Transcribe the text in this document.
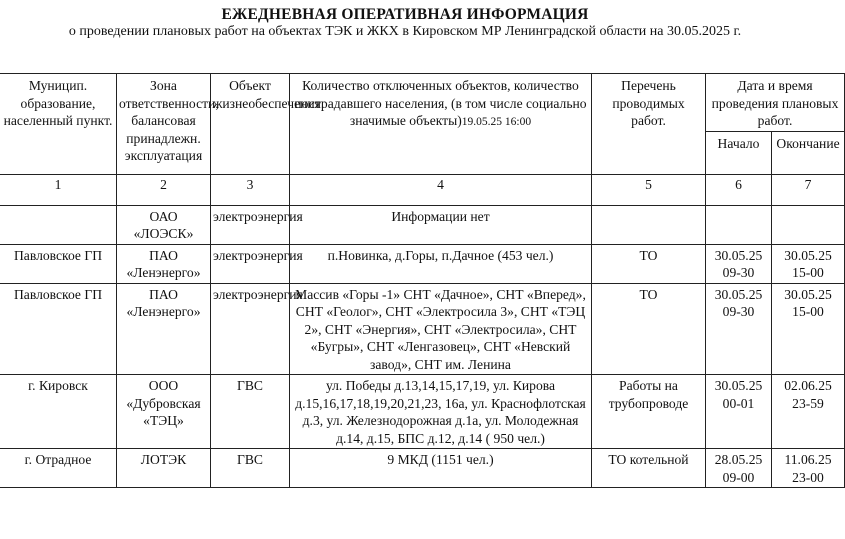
ЕЖЕДНЕВНАЯ ОПЕРАТИВНАЯ ИНФОРМАЦИЯ
о проведении плановых работ на объектах ТЭК и ЖКХ в Кировском МР Ленинградской области на 30.05.2025 г.
Муницип. образование, населенный пункт.	Зона ответственности, балансовая принадлежн. эксплуатация	Объект жизнеобеспечения.	Количество отключенных объектов, количество пострадавшего населения, (в том числе социально значимые объекты)19.05.25 16:00	Перечень проводимых работ.	Дата и время проведения плановых работ.	
					Начало	Окончание
1	2	3	4	5	6	7
	ОАО «ЛОЭСК»	электроэнергия	Информации нет			
Павловское ГП	ПАО «Ленэнерго»	электроэнергия	п.Новинка, д.Горы, п.Дачное (453 чел.)	ТО	30.05.25 09-30	30.05.25 15-00
Павловское ГП	ПАО «Ленэнерго»	электроэнергия	Массив «Горы -1» СНТ «Дачное», СНТ «Вперед», СНТ «Геолог», СНТ «Электросила 3», СНТ «ТЭЦ 2», СНТ «Энергия», СНТ «Электросила», СНТ «Бугры», СНТ «Ленгазовец», СНТ «Невский завод», СНТ им. Ленина	ТО	30.05.25 09-30	30.05.25 15-00
г. Кировск	ООО «Дубровская «ТЭЦ»	ГВС	ул. Победы д.13,14,15,17,19, ул. Кирова д.15,16,17,18,19,20,21,23, 16а, ул. Краснофлотская д.3, ул. Железнодорожная д.1а, ул. Молодежная д.14, д.15, БПС д.12, д.14 ( 950 чел.)	Работы на трубопроводе	30.05.25 00-01	02.06.25 23-59
г. Отрадное	ЛОТЭК	ГВС	9 МКД (1151 чел.)	ТО котельной	28.05.25 09-00	11.06.25 23-00
